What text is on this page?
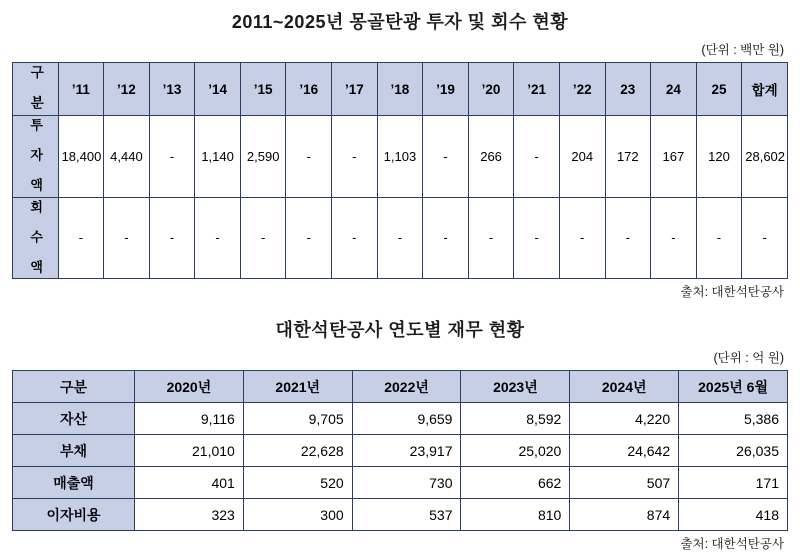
2011~2025년 몽골탄광 투자 및 회수 현황
(단위 : 백만 원)
구 분	’11	’12	’13	’14	’15	’16	’17	’18	’19	’20	’21	’22	23	24	25	합계
투 자 액	18,400	4,440	-	1,140	2,590	-	-	1,103	-	266	-	204	172	167	120	28,602
회 수 액	-	-	-	-	-	-	-	-	-	-	-	-	-	-	-	-
출처: 대한석탄공사
대한석탄공사 연도별 재무 현황
(단위 : 억 원)
구분	2020년	2021년	2022년	2023년	2024년	2025년 6월
자산	9,116	9,705	9,659	8,592	4,220	5,386
부채	21,010	22,628	23,917	25,020	24,642	26,035
매출액	401	520	730	662	507	171
이자비용	323	300	537	810	874	418
출처: 대한석탄공사
